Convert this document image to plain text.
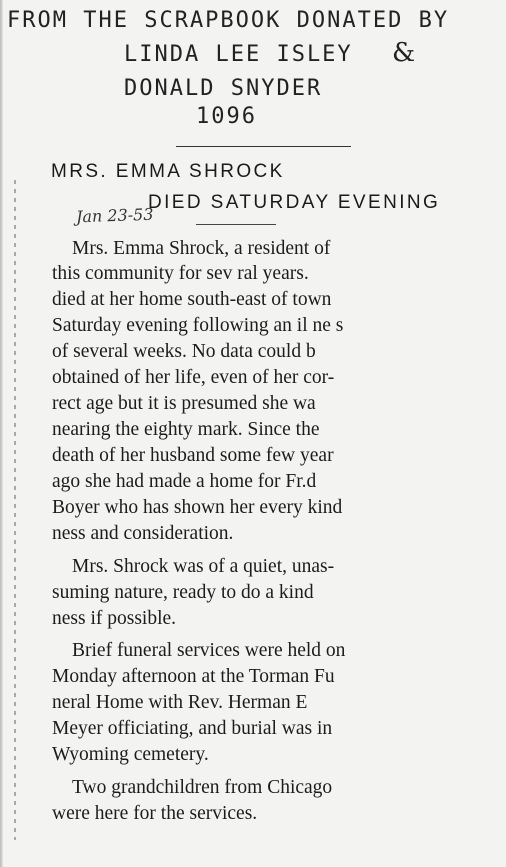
FROM THE SCRAPBOOK DONATED BY
LINDA LEE ISLEY &
DONALD SNYDER
1096
MRS. EMMA SHROCK
DIED SATURDAY EVENING
Jan 23-53
Mrs. Emma Shrock, a resident of
this community for sev ral years.
died at her home south-east of town
Saturday evening following an il ne s
of several weeks. No data could b
obtained of her life, even of her cor-
rect age but it is presumed she wa
nearing the eighty mark. Since the
death of her husband some few year
ago she had made a home for Fr.d
Boyer who has shown her every kind
ness and consideration.
Mrs. Shrock was of a quiet, unas-
suming nature, ready to do a kind
ness if possible.
Brief funeral services were held on
Monday afternoon at the Torman Fu
neral Home with Rev. Herman E
Meyer officiating, and burial was in
Wyoming cemetery.
Two grandchildren from Chicago
were here for the services.
